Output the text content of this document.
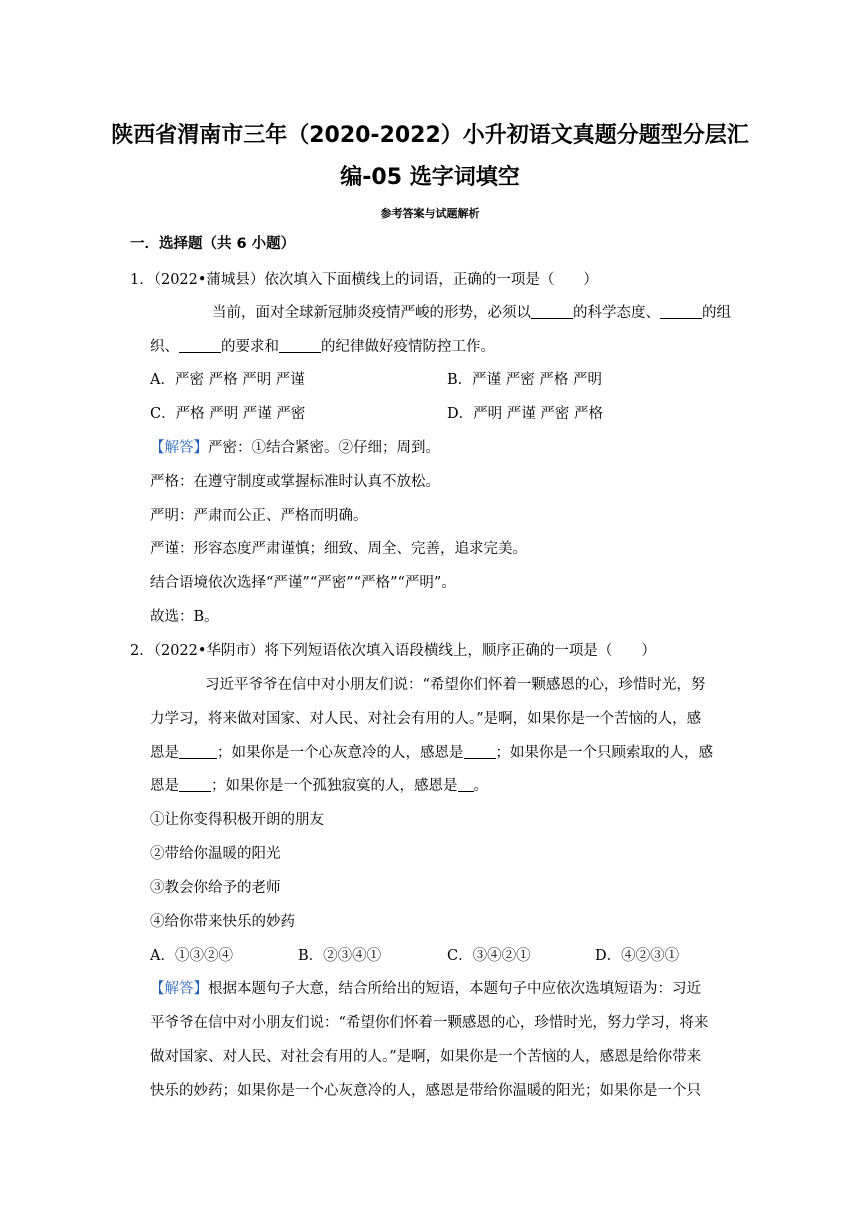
陕西省渭南市三年（2020-2022）小升初语文真题分题型分层汇
编-05 选字词填空
参考答案与试题解析
一．选择题（共 6 小题）
1．（2022•蒲城县）依次填入下面横线上的词语，正确的一项是（　　）
当前，面对全球新冠肺炎疫情严峻的形势，必须以	的科学态度、	的组
织、	的要求和	的纪律做好疫情防控工作。
A．严密 严格 严明 严谨	B．严谨 严密 严格 严明
C．严格 严明 严谨 严密	D．严明 严谨 严密 严格
【解答】严密：①结合紧密。②仔细；周到。
严格：在遵守制度或掌握标准时认真不放松。
严明：严肃而公正、严格而明确。
严谨：形容态度严肃谨慎；细致、周全、完善，追求完美。
结合语境依次选择“严谨”“严密”“严格”“严明”。
故选：B。
2．（2022•华阴市）将下列短语依次填入语段横线上，顺序正确的一项是（　　）
习近平爷爷在信中对小朋友们说：“希望你们怀着一颗感恩的心，珍惜时光，努
力学习，将来做对国家、对人民、对社会有用的人。”是啊，如果你是一个苦恼的人，感
恩是	；如果你是一个心灰意冷的人，感恩是 ；如果你是一个只顾索取的人，感
恩是 ；如果你是一个孤独寂寞的人，感恩是 。
①让你变得积极开朗的朋友
②带给你温暖的阳光
③教会你给予的老师
④给你带来快乐的妙药
A．①③②④	B．②③④①	C．③④②①	D．④②③①
【解答】根据本题句子大意，结合所给出的短语，本题句子中应依次选填短语为：习近
平爷爷在信中对小朋友们说：“希望你们怀着一颗感恩的心，珍惜时光，努力学习，将来
做对国家、对人民、对社会有用的人。”是啊，如果你是一个苦恼的人，感恩是给你带来
快乐的妙药；如果你是一个心灰意冷的人，感恩是带给你温暖的阳光；如果你是一个只
